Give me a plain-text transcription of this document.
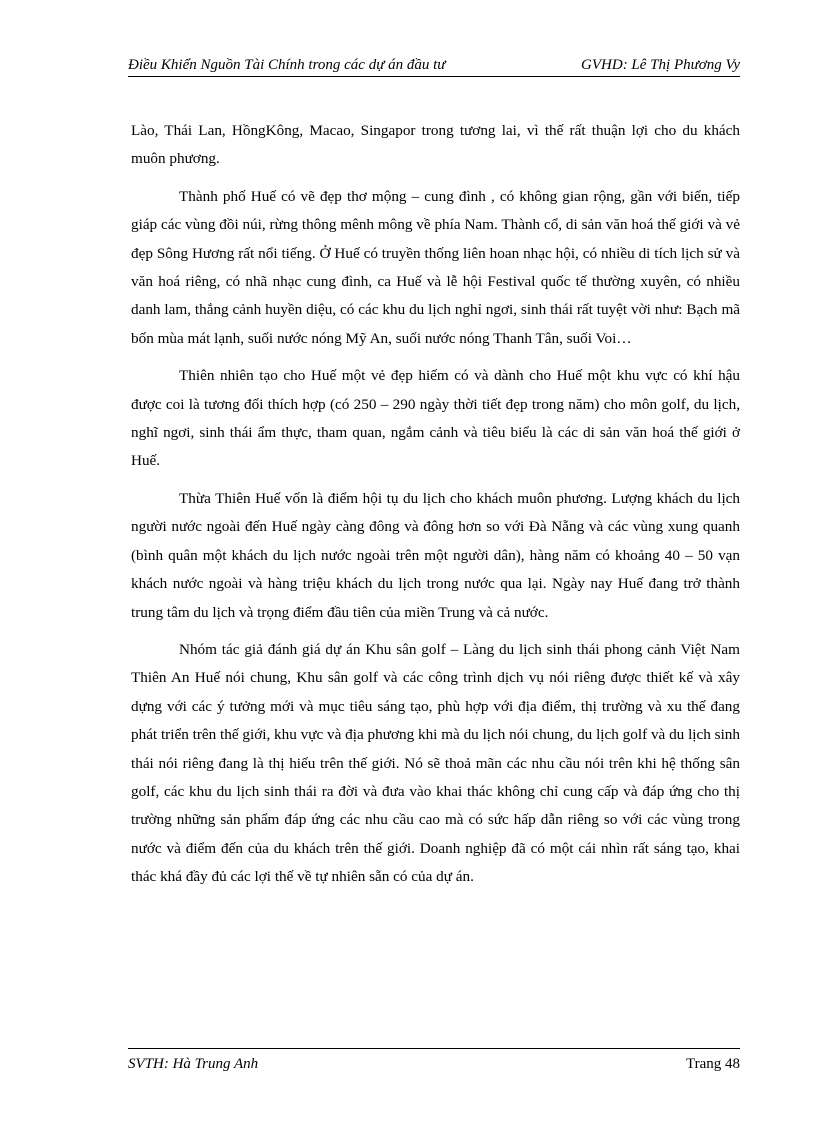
Điều Khiển Nguồn Tài Chính trong các dự án đầu tư	GVHD: Lê Thị Phương Vy

Lào, Thái Lan, HồngKông, Macao, Singapor trong tương lai, vì thế rất thuận lợi cho du khách muôn phương.

Thành phố Huế có vẽ đẹp thơ mộng – cung đình , có không gian rộng, gần với biển, tiếp giáp các vùng đồi núi, rừng thông mênh mông về phía Nam. Thành cổ, di sản văn hoá thế giới và vẻ đẹp Sông Hương rất nổi tiếng. Ở Huế có truyền thống liên hoan nhạc hội, có nhiều di tích lịch sử và văn hoá riêng, có nhã nhạc cung đình, ca Huế và lễ hội Festival quốc tế thường xuyên, có nhiều danh lam, thắng cảnh huyền diệu, có các khu du lịch nghỉ ngơi, sinh thái rất tuyệt vời như: Bạch mã bốn mùa mát lạnh, suối nước nóng Mỹ An, suối nước nóng Thanh Tân, suối Voi…

Thiên nhiên tạo cho Huế một vẻ đẹp hiếm có và dành cho Huế một khu vực có khí hậu được coi là tương đối thích hợp (có 250 – 290 ngày thời tiết đẹp trong năm) cho môn golf, du lịch, nghĩ ngơi, sinh thái ẩm thực, tham quan, ngắm cảnh và tiêu biểu là các di sản văn hoá thế giới ở Huế.

Thừa Thiên Huế vốn là điểm hội tụ du lịch cho khách muôn phương. Lượng khách du lịch người nước ngoài đến Huế ngày càng đông và đông hơn so với Đà Nẵng và các vùng xung quanh (bình quân một khách du lịch nước ngoài trên một người dân), hàng năm có khoảng 40 – 50 vạn khách nước ngoài và hàng triệu khách du lịch trong nước qua lại. Ngày nay Huế đang trở thành trung tâm du lịch và trọng điểm đầu tiên của miền Trung và cả nước.

Nhóm tác giả đánh giá dự án Khu sân golf – Làng du lịch sinh thái phong cảnh Việt Nam Thiên An Huế nói chung, Khu sân golf và các công trình dịch vụ nói riêng được thiết kế và xây dựng với các ý tưởng mới và mục tiêu sáng tạo, phù hợp với địa điểm, thị trường và xu thế đang phát triển trên thế giới, khu vực và địa phương khi mà du lịch nói chung, du lịch golf và du lịch sinh thái nói riêng đang là thị hiếu trên thế giới. Nó sẽ thoả mãn các nhu cầu nói trên khi hệ thống sân golf, các khu du lịch sinh thái ra đời và đưa vào khai thác không chỉ cung cấp và đáp ứng cho thị trường những sản phẩm đáp ứng các nhu cầu cao mà có sức hấp dẫn riêng so với các vùng trong nước và điểm đến của du khách trên thế giới. Doanh nghiệp đã có một cái nhìn rất sáng tạo, khai thác khá đầy đủ các lợi thế về tự nhiên sẵn có của dự án.

SVTH: Hà Trung Anh	Trang 48
